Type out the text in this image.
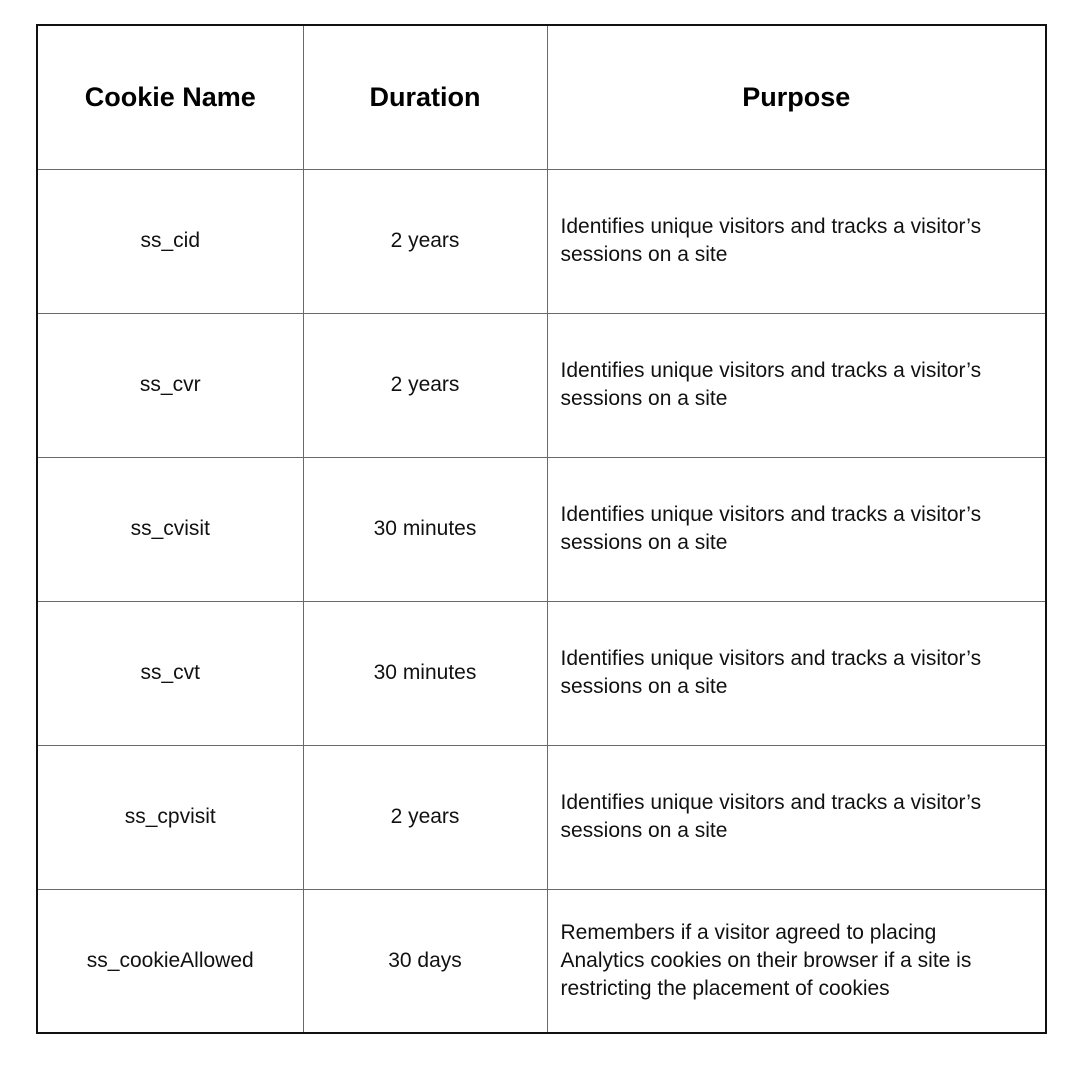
Cookie Name	Duration	Purpose
ss_cid	2 years	Identifies unique visitors and tracks a visitor’s sessions on a site
ss_cvr	2 years	Identifies unique visitors and tracks a visitor’s sessions on a site
ss_cvisit	30 minutes	Identifies unique visitors and tracks a visitor’s sessions on a site
ss_cvt	30 minutes	Identifies unique visitors and tracks a visitor’s sessions on a site
ss_cpvisit	2 years	Identifies unique visitors and tracks a visitor’s sessions on a site
ss_cookieAllowed	30 days	Remembers if a visitor agreed to placing Analytics cookies on their browser if a site is restricting the placement of cookies
